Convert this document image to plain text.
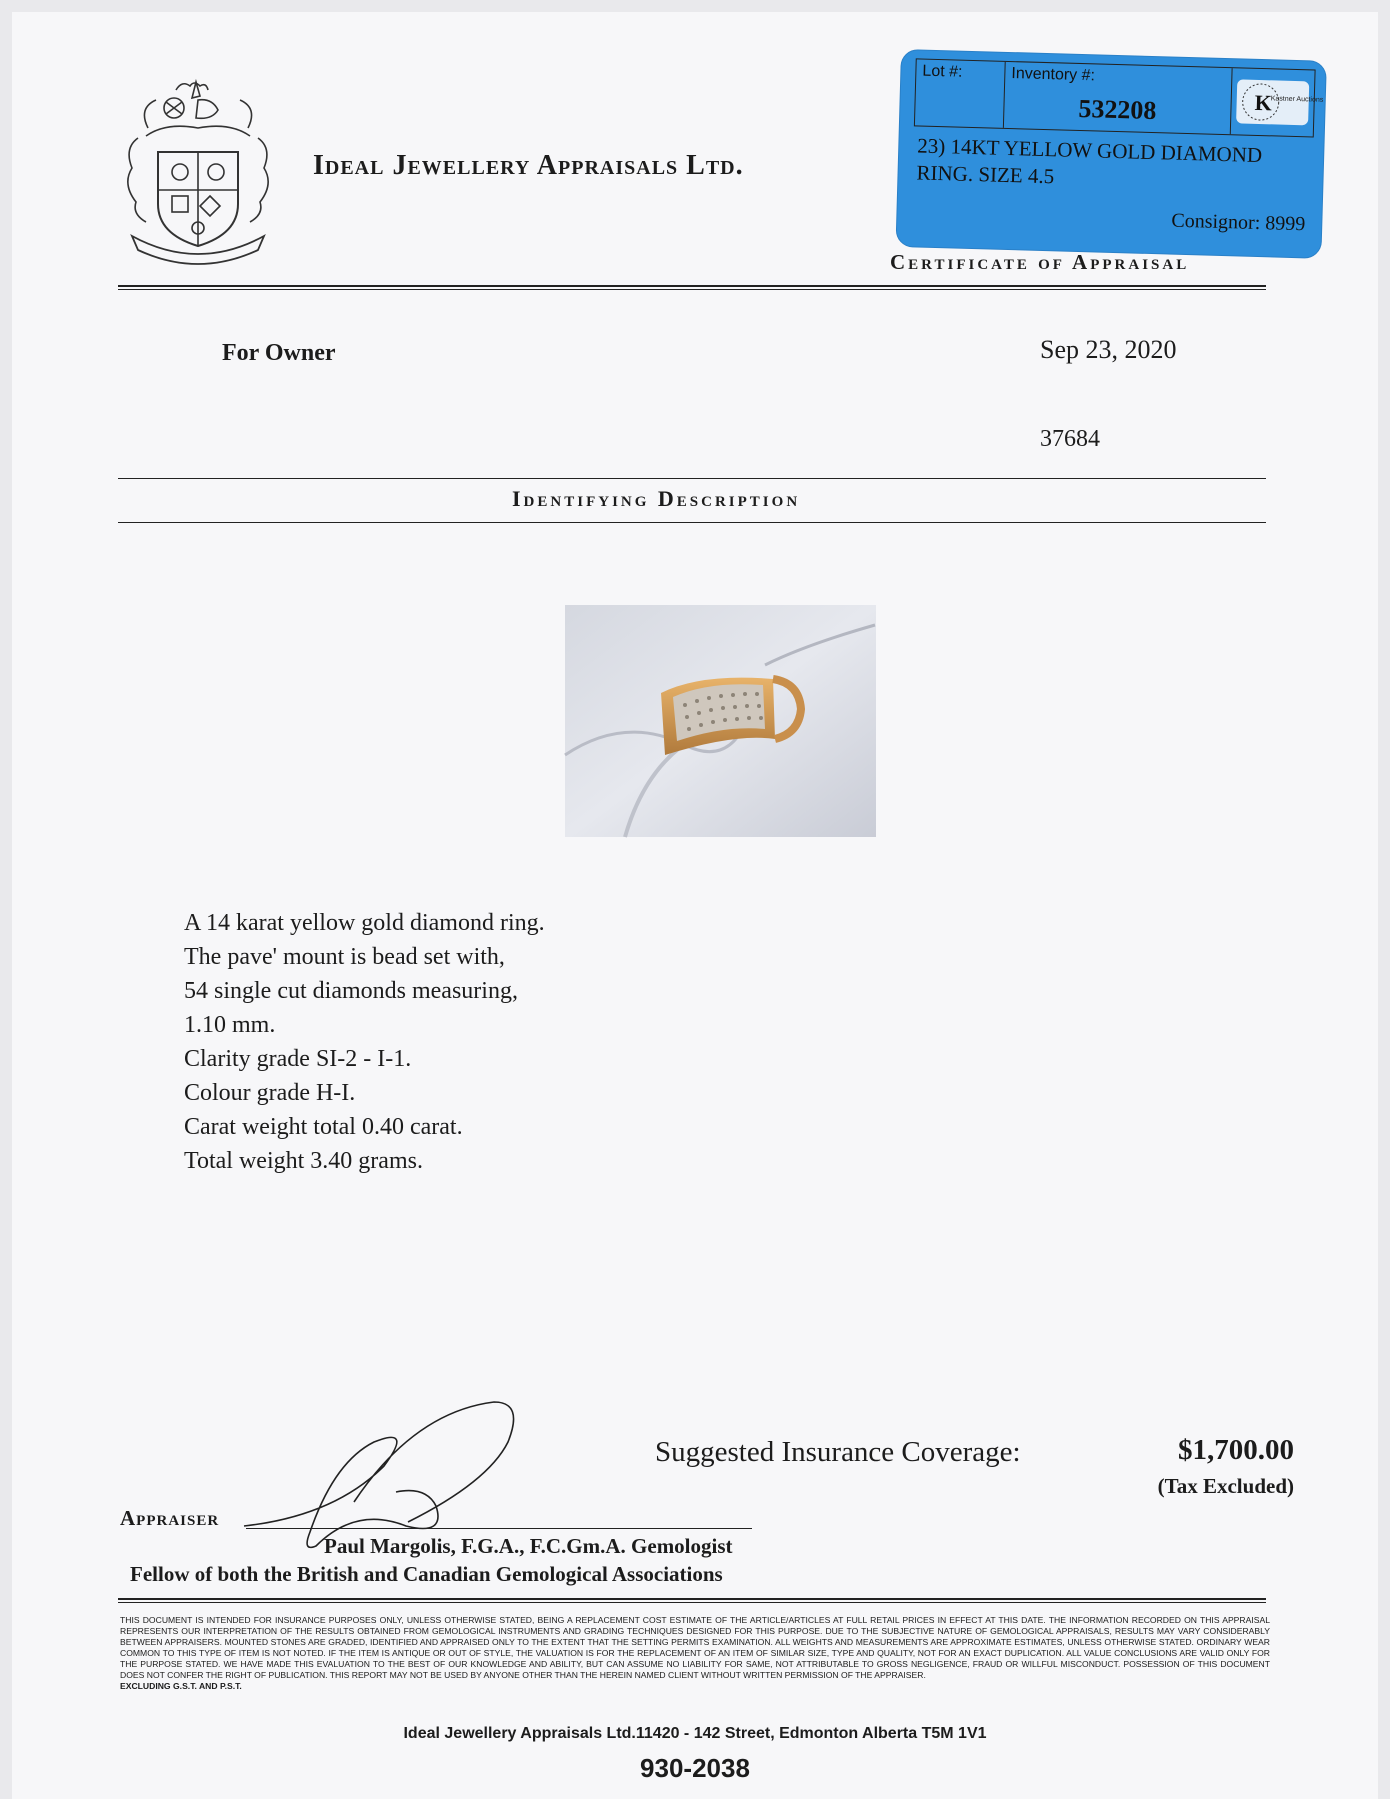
Ideal Jewellery Appraisals Ltd.
Lot #:	Inventory #:
532208	K
Kastner Auctions
23) 14KT YELLOW GOLD DIAMOND
RING. SIZE 4.5
Consignor: 8999
Certificate of Appraisal
For Owner	Sep 23, 2020
37684
Identifying Description
A 14 karat yellow gold diamond ring.
The pave' mount is bead set with,
54 single cut diamonds measuring,
1.10 mm.
Clarity grade SI-2 - I-1.
Colour grade H-I.
Carat weight total 0.40 carat.
Total weight 3.40 grams.
Suggested Insurance Coverage:	$1,700.00
(Tax Excluded)
Appraiser
Paul Margolis, F.G.A., F.C.Gm.A. Gemologist
Fellow of both the British and Canadian Gemological Associations
THIS DOCUMENT IS INTENDED FOR INSURANCE PURPOSES ONLY, UNLESS OTHERWISE STATED, BEING A REPLACEMENT COST ESTIMATE OF THE ARTICLE/ARTICLES AT FULL RETAIL PRICES IN EFFECT AT THIS DATE. THE INFORMATION RECORDED ON THIS APPRAISAL REPRESENTS OUR INTERPRETATION OF THE RESULTS OBTAINED FROM GEMOLOGICAL INSTRUMENTS AND GRADING TECHNIQUES DESIGNED FOR THIS PURPOSE. DUE TO THE SUBJECTIVE NATURE OF GEMOLOGICAL APPRAISALS, RESULTS MAY VARY CONSIDERABLY BETWEEN APPRAISERS. MOUNTED STONES ARE GRADED, IDENTIFIED AND APPRAISED ONLY TO THE EXTENT THAT THE SETTING PERMITS EXAMINATION. ALL WEIGHTS AND MEASUREMENTS ARE APPROXIMATE ESTIMATES, UNLESS OTHERWISE STATED. ORDINARY WEAR COMMON TO THIS TYPE OF ITEM IS NOT NOTED. IF THE ITEM IS ANTIQUE OR OUT OF STYLE, THE VALUATION IS FOR THE REPLACEMENT OF AN ITEM OF SIMILAR SIZE, TYPE AND QUALITY, NOT FOR AN EXACT DUPLICATION. ALL VALUE CONCLUSIONS ARE VALID ONLY FOR THE PURPOSE STATED. WE HAVE MADE THIS EVALUATION TO THE BEST OF OUR KNOWLEDGE AND ABILITY, BUT CAN ASSUME NO LIABILITY FOR SAME, NOT ATTRIBUTABLE TO GROSS NEGLIGENCE, FRAUD OR WILLFUL MISCONDUCT. POSSESSION OF THIS DOCUMENT DOES NOT CONFER THE RIGHT OF PUBLICATION. THIS REPORT MAY NOT BE USED BY ANYONE OTHER THAN THE HEREIN NAMED CLIENT WITHOUT WRITTEN PERMISSION OF THE APPRAISER.
EXCLUDING G.S.T. AND P.S.T.
Ideal Jewellery Appraisals Ltd.11420 - 142 Street, Edmonton Alberta T5M 1V1
930-2038
